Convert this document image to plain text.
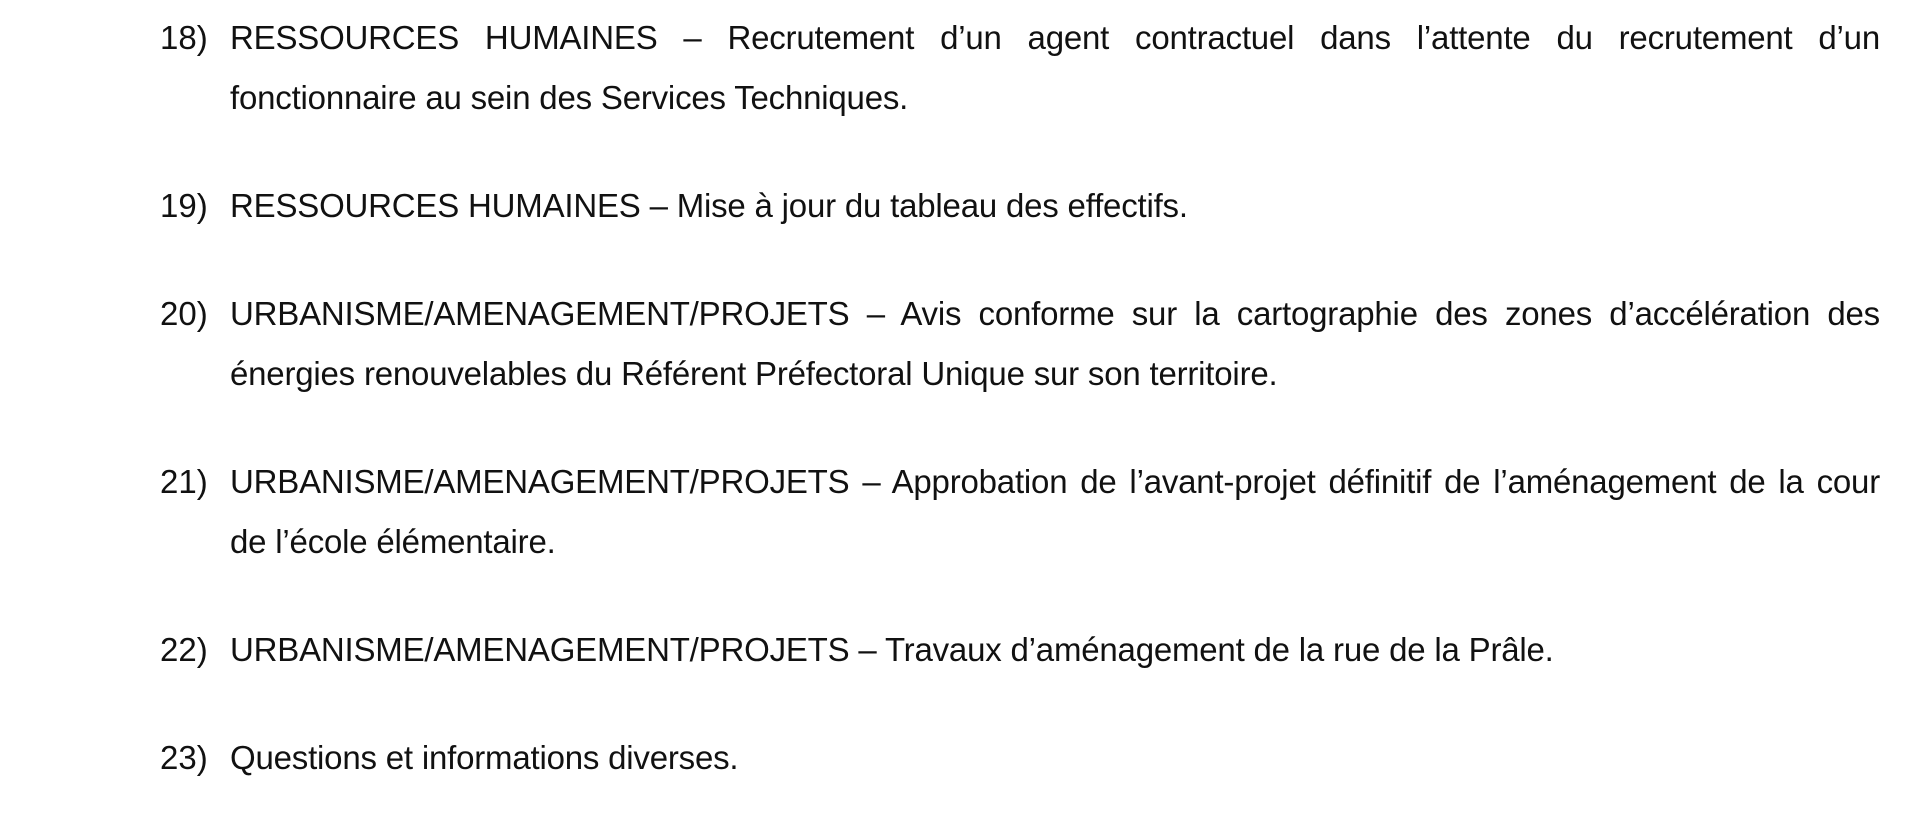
18) RESSOURCES HUMAINES – Recrutement d’un agent contractuel dans l’attente du recrutement d’un fonctionnaire au sein des Services Techniques.
19) RESSOURCES HUMAINES – Mise à jour du tableau des effectifs.
20) URBANISME/AMENAGEMENT/PROJETS – Avis conforme sur la cartographie des zones d’accélération des énergies renouvelables du Référent Préfectoral Unique sur son territoire.
21) URBANISME/AMENAGEMENT/PROJETS – Approbation de l’avant-projet définitif de l’aménagement de la cour de l’école élémentaire.
22) URBANISME/AMENAGEMENT/PROJETS – Travaux d’aménagement de la rue de la Prâle.
23) Questions et informations diverses.
